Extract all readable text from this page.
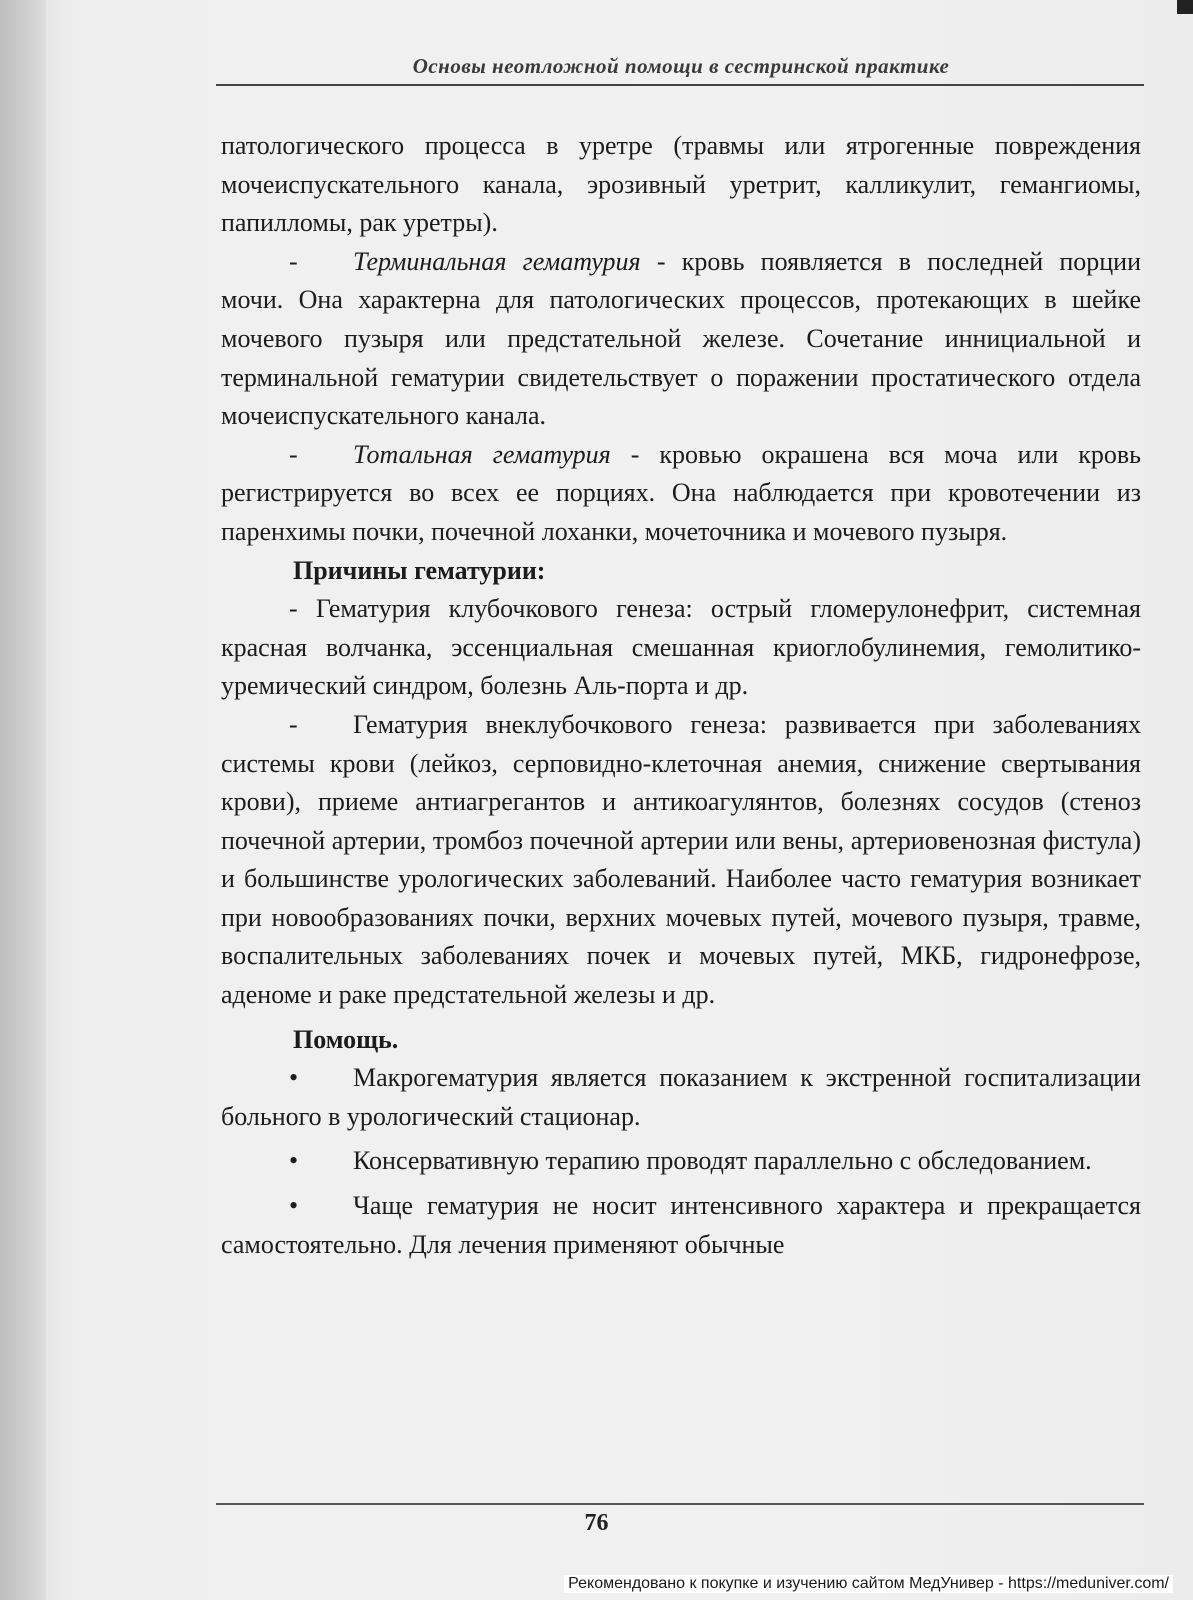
Основы неотложной помощи в сестринской практике

патологического процесса в уретре (травмы или ятрогенные повреждения мочеиспускательного канала, эрозивный уретрит, калликулит, гемангиомы, папилломы, рак уретры).

- Терминальная гематурия - кровь появляется в последней порции мочи. Она характерна для патологических процессов, протекающих в шейке мочевого пузыря или предстательной железе. Сочетание иннициальной и терминальной гематурии свидетельствует о поражении простатического отдела мочеиспускательного канала.

- Тотальная гематурия - кровью окрашена вся моча или кровь регистрируется во всех ее порциях. Она наблюдается при кровотечении из паренхимы почки, почечной лоханки, мочеточника и мочевого пузыря.

Причины гематурии:

- Гематурия клубочкового генеза: острый гломерулонефрит, системная красная волчанка, эссенциальная смешанная криоглобулинемия, гемолитико-уремический синдром, болезнь Аль-порта и др.

- Гематурия внеклубочкового генеза: развивается при заболеваниях системы крови (лейкоз, серповидно-клеточная анемия, снижение свертывания крови), приеме антиагрегантов и антикоагулянтов, болезнях сосудов (стеноз почечной артерии, тромбоз почечной артерии или вены, артериовенозная фистула) и большинстве урологических заболеваний. Наиболее часто гематурия возникает при новообразованиях почки, верхних мочевых путей, мочевого пузыря, травме, воспалительных заболеваниях почек и мочевых путей, МКБ, гидронефрозе, аденоме и раке предстательной железы и др.

Помощь.

• Макрогематурия является показанием к экстренной госпитализации больного в урологический стационар.

• Консервативную терапию проводят параллельно с обследованием.

• Чаще гематурия не носит интенсивного характера и прекращается самостоятельно. Для лечения применяют обычные

76
Рекомендовано к покупке и изучению сайтом МедУнивер - https://meduniver.com/
